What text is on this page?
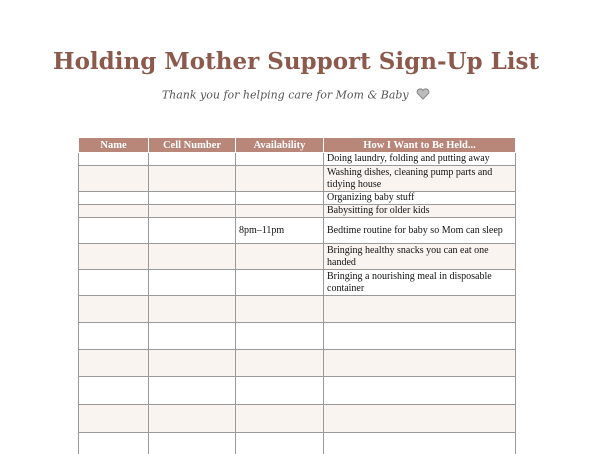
Holding Mother Support Sign-Up List
Thank you for helping care for Mom & Baby
Name	Cell Number	Availability	How I Want to Be Held...
			Doing laundry, folding and putting away
			Washing dishes, cleaning pump parts and tidying house
			Organizing baby stuff
			Babysitting for older kids
		8pm–11pm	Bedtime routine for baby so Mom can sleep
			Bringing healthy snacks you can eat one handed
			Bringing a nourishing meal in disposable container
